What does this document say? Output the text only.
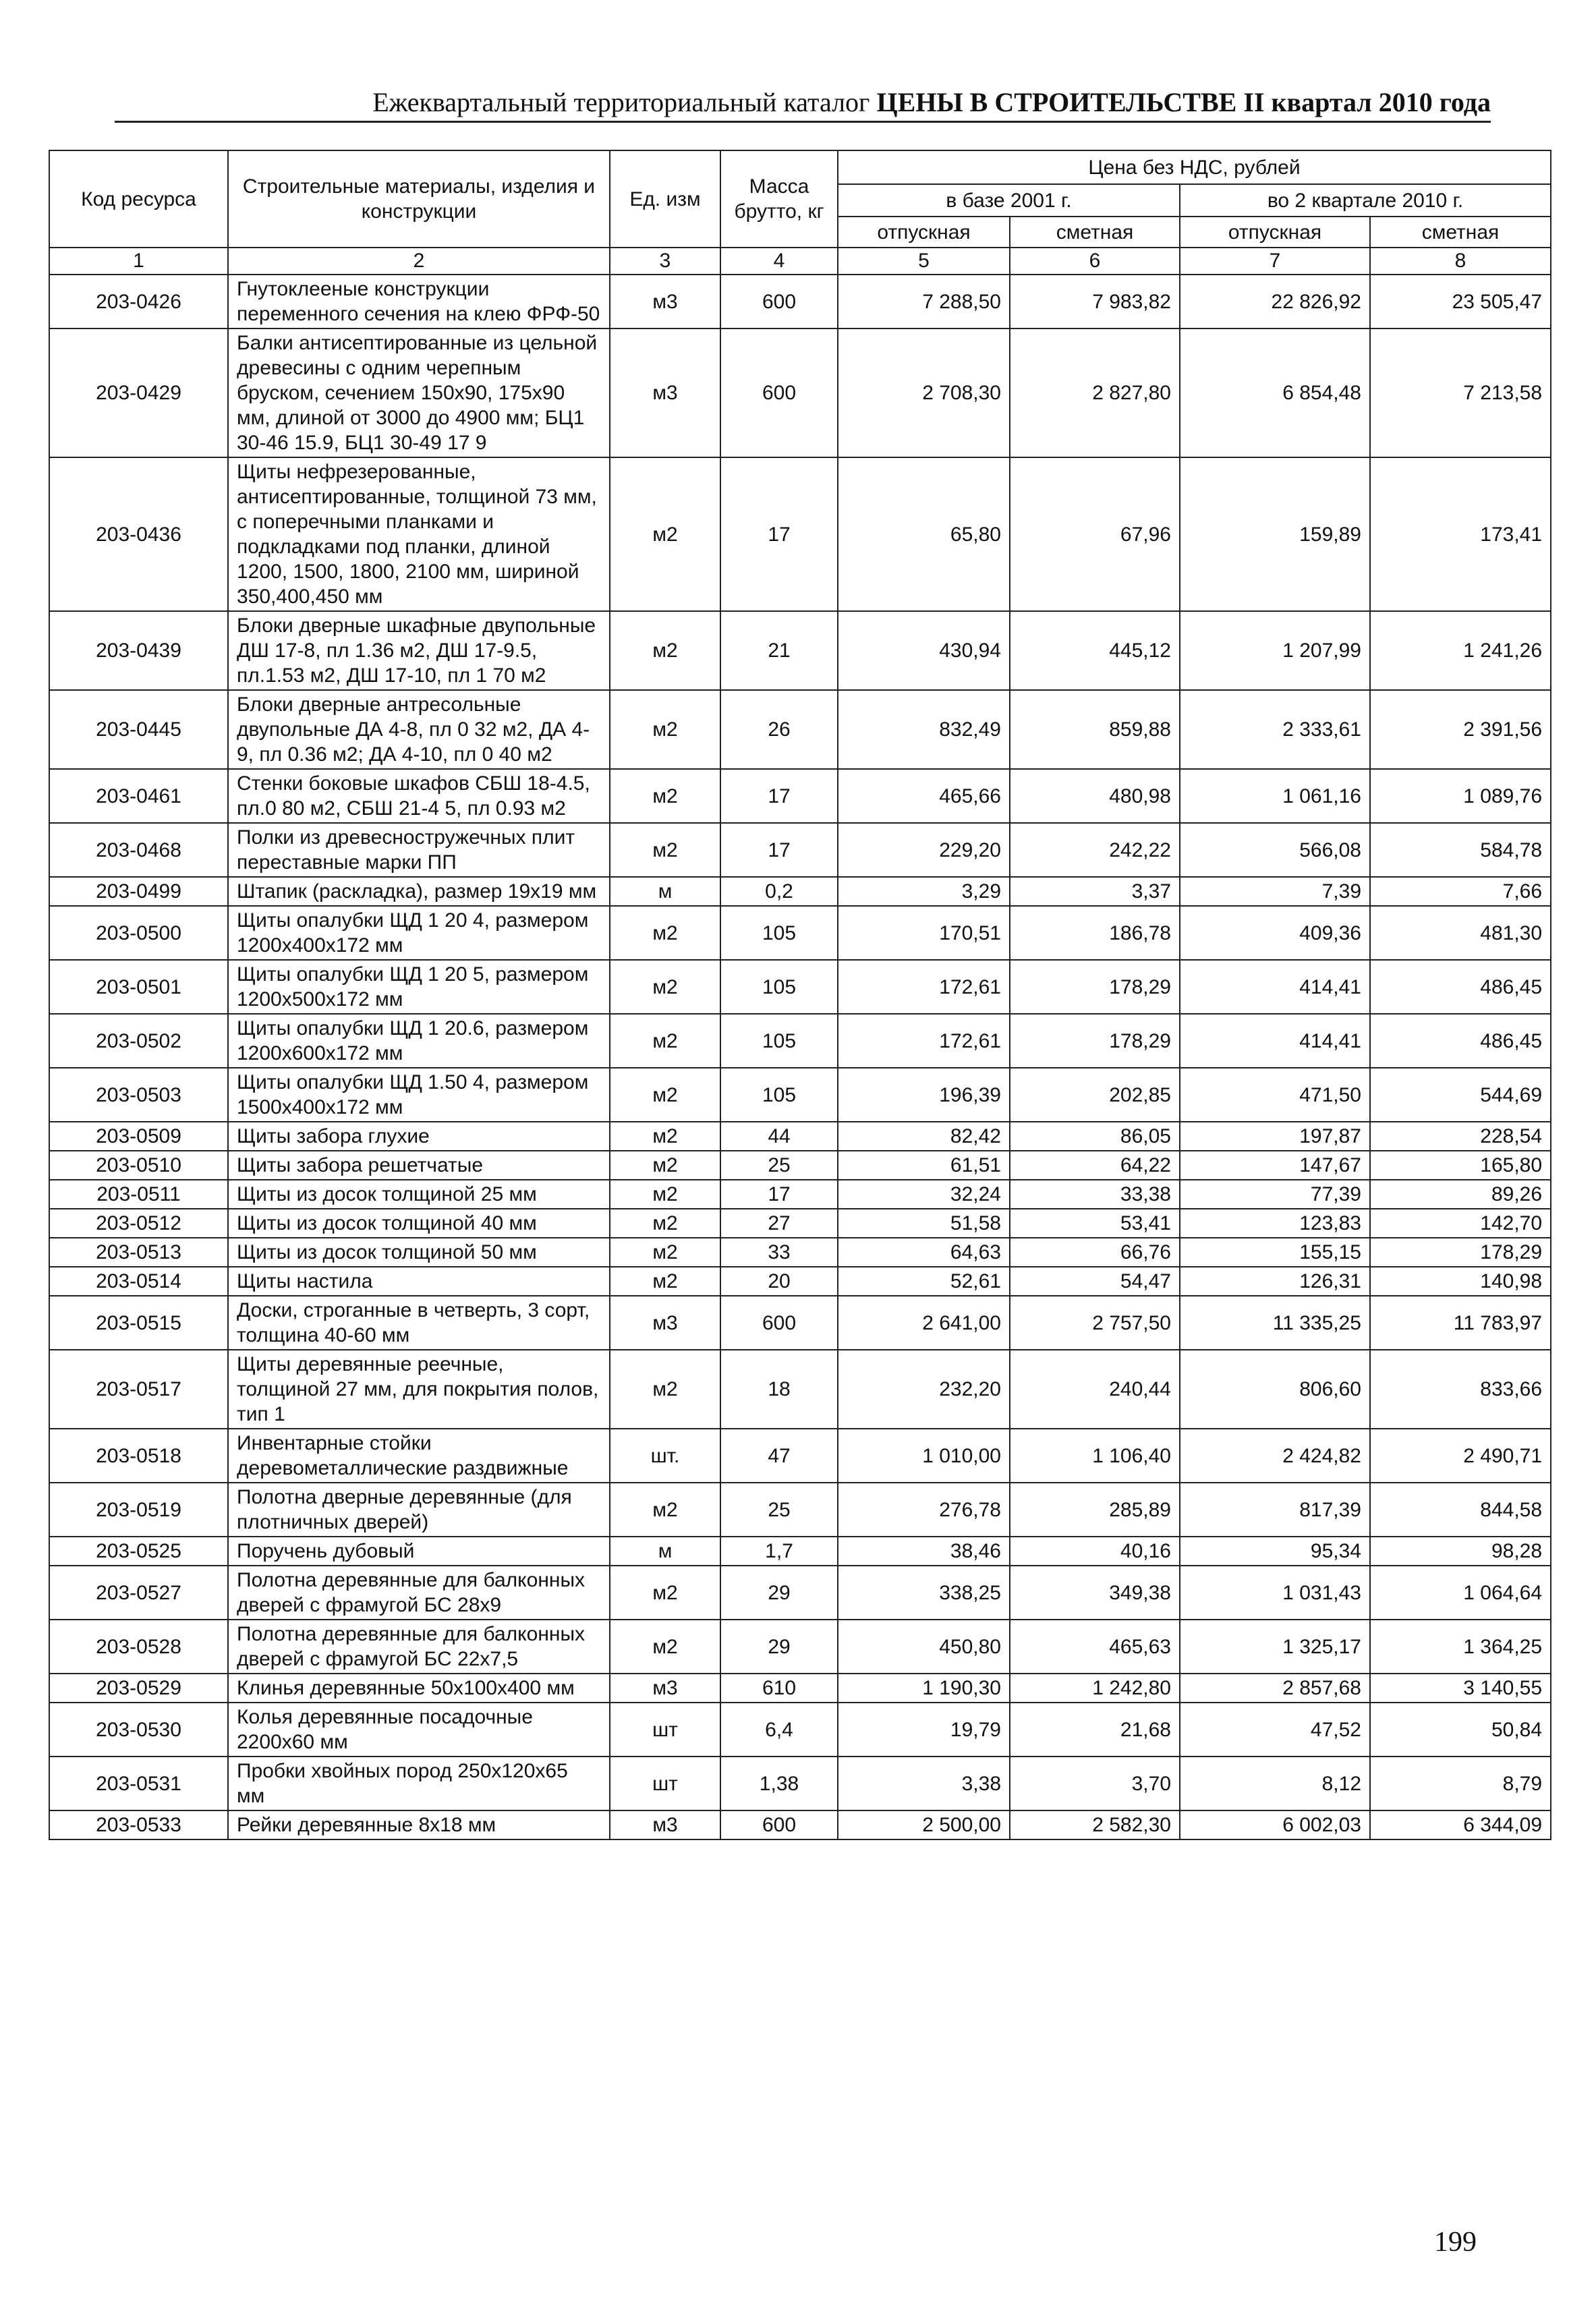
Ежеквартальный территориальный каталог ЦЕНЫ В СТРОИТЕЛЬСТВЕ II квартал 2010 года
Код ресурса	Строительные материалы, изделия и конструкции	Ед. изм	Масса брутто, кг	Цена без НДС, рублей			
				в базе 2001 г.		во 2 квартале 2010 г.	
				отпускная	сметная	отпускная	сметная
1	2	3	4	5	6	7	8
203-0426	Гнутоклееные конструкции переменного сечения на клею ФРФ-50	м3	600	7 288,50	7 983,82	22 826,92	23 505,47
203-0429	Балки антисептированные из цельной древесины с одним черепным бруском, сечением 150х90, 175х90 мм, длиной от 3000 до 4900 мм; БЦ1 30-46 15.9, БЦ1 30-49 17 9	м3	600	2 708,30	2 827,80	6 854,48	7 213,58
203-0436	Щиты нефрезерованные, антисептированные, толщиной 73 мм, с поперечными планками и подкладками под планки, длиной 1200, 1500, 1800, 2100 мм, шириной 350,400,450 мм	м2	17	65,80	67,96	159,89	173,41
203-0439	Блоки дверные шкафные двупольные ДШ 17-8, пл 1.36 м2, ДШ 17-9.5, пл.1.53 м2, ДШ 17-10, пл 1 70 м2	м2	21	430,94	445,12	1 207,99	1 241,26
203-0445	Блоки дверные антресольные двупольные ДА 4-8, пл 0 32 м2, ДА 4-9, пл 0.36 м2; ДА 4-10, пл 0 40 м2	м2	26	832,49	859,88	2 333,61	2 391,56
203-0461	Стенки боковые шкафов СБШ 18-4.5, пл.0 80 м2, СБШ 21-4 5, пл 0.93 м2	м2	17	465,66	480,98	1 061,16	1 089,76
203-0468	Полки из древесностружечных плит переставные марки ПП	м2	17	229,20	242,22	566,08	584,78
203-0499	Штапик (раскладка), размер 19х19 мм	м	0,2	3,29	3,37	7,39	7,66
203-0500	Щиты опалубки ЩД 1 20 4, размером 1200х400х172 мм	м2	105	170,51	186,78	409,36	481,30
203-0501	Щиты опалубки ЩД 1 20 5, размером 1200х500х172 мм	м2	105	172,61	178,29	414,41	486,45
203-0502	Щиты опалубки ЩД 1 20.6, размером 1200х600х172 мм	м2	105	172,61	178,29	414,41	486,45
203-0503	Щиты опалубки ЩД 1.50 4, размером 1500х400х172 мм	м2	105	196,39	202,85	471,50	544,69
203-0509	Щиты забора глухие	м2	44	82,42	86,05	197,87	228,54
203-0510	Щиты забора решетчатые	м2	25	61,51	64,22	147,67	165,80
203-0511	Щиты из досок толщиной 25 мм	м2	17	32,24	33,38	77,39	89,26
203-0512	Щиты из досок толщиной 40 мм	м2	27	51,58	53,41	123,83	142,70
203-0513	Щиты из досок толщиной 50 мм	м2	33	64,63	66,76	155,15	178,29
203-0514	Щиты настила	м2	20	52,61	54,47	126,31	140,98
203-0515	Доски, строганные в четверть, 3 сорт, толщина 40-60 мм	м3	600	2 641,00	2 757,50	11 335,25	11 783,97
203-0517	Щиты деревянные реечные, толщиной 27 мм, для покрытия полов, тип 1	м2	18	232,20	240,44	806,60	833,66
203-0518	Инвентарные стойки деревометаллические раздвижные	шт.	47	1 010,00	1 106,40	2 424,82	2 490,71
203-0519	Полотна дверные деревянные (для плотничных дверей)	м2	25	276,78	285,89	817,39	844,58
203-0525	Поручень дубовый	м	1,7	38,46	40,16	95,34	98,28
203-0527	Полотна деревянные для балконных дверей с фрамугой БС 28х9	м2	29	338,25	349,38	1 031,43	1 064,64
203-0528	Полотна деревянные для балконных дверей с фрамугой БС 22х7,5	м2	29	450,80	465,63	1 325,17	1 364,25
203-0529	Клинья деревянные 50х100х400 мм	м3	610	1 190,30	1 242,80	2 857,68	3 140,55
203-0530	Колья деревянные посадочные 2200х60 мм	шт	6,4	19,79	21,68	47,52	50,84
203-0531	Пробки хвойных пород 250х120х65 мм	шт	1,38	3,38	3,70	8,12	8,79
203-0533	Рейки деревянные 8х18 мм	м3	600	2 500,00	2 582,30	6 002,03	6 344,09
199
